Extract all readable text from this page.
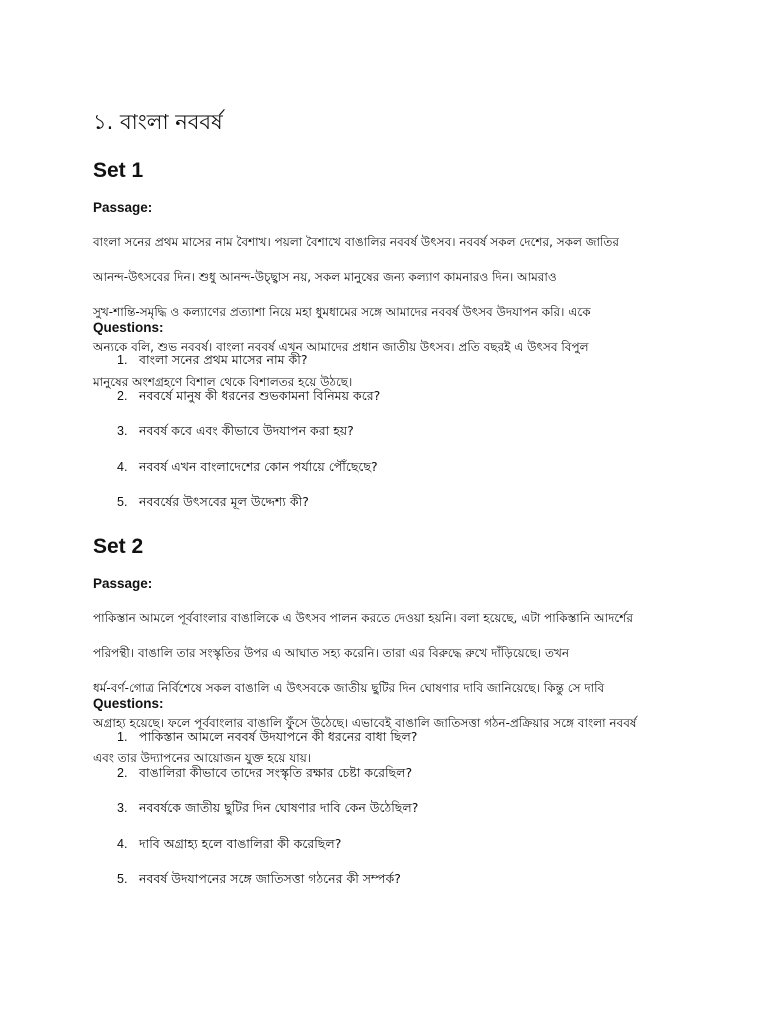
১. বাংলা নববর্ষ
Set 1
Passage:

বাংলা সনের প্রথম মাসের নাম বৈশাখ। পয়লা বৈশাখে বাঙালির নববর্ষ উৎসব। নববর্ষ সকল দেশের, সকল জাতির

আনন্দ-উৎসবের দিন। শুধু আনন্দ-উচ্ছ্বাস নয়, সকল মানুষের জন্য কল্যাণ কামনারও দিন। আমরাও

সুখ-শান্তি-সমৃদ্ধি ও কল্যাণের প্রত্যাশা নিয়ে মহা ধুমধামের সঙ্গে আমাদের নববর্ষ উৎসব উদযাপন করি। একে

অন্যকে বলি, শুভ নববর্ষ। বাংলা নববর্ষ এখন আমাদের প্রধান জাতীয় উৎসব। প্রতি বছরই এ উৎসব বিপুল

মানুষের অংশগ্রহণে বিশাল থেকে বিশালতর হয়ে উঠছে।

Questions:
1. বাংলা সনের প্রথম মাসের নাম কী?
2. নববর্ষে মানুষ কী ধরনের শুভকামনা বিনিময় করে?
3. নববর্ষ কবে এবং কীভাবে উদযাপন করা হয়?
4. নববর্ষ এখন বাংলাদেশের কোন পর্যায়ে পৌঁছেছে?
5. নববর্ষের উৎসবের মূল উদ্দেশ্য কী?
Set 2
Passage:

পাকিস্তান আমলে পূর্ববাংলার বাঙালিকে এ উৎসব পালন করতে দেওয়া হয়নি। বলা হয়েছে, এটা পাকিস্তানি আদর্শের

পরিপন্থী। বাঙালি তার সংস্কৃতির উপর এ আঘাত সহ্য করেনি। তারা এর বিরুদ্ধে রুখে দাঁড়িয়েছে। তখন

ধর্ম-বর্ণ-গোত্র নির্বিশেষে সকল বাঙালি এ উৎসবকে জাতীয় ছুটির দিন ঘোষণার দাবি জানিয়েছে। কিন্তু সে দাবি

অগ্রাহ্য হয়েছে। ফলে পূর্ববাংলার বাঙালি ফুঁসে উঠেছে। এভাবেই বাঙালি জাতিসত্তা গঠন-প্রক্রিয়ার সঙ্গে বাংলা নববর্ষ

এবং তার উদ্যাপনের আয়োজন যুক্ত হয়ে যায়।

Questions:
1. পাকিস্তান আমলে নববর্ষ উদযাপনে কী ধরনের বাধা ছিল?
2. বাঙালিরা কীভাবে তাদের সংস্কৃতি রক্ষার চেষ্টা করেছিল?
3. নববর্ষকে জাতীয় ছুটির দিন ঘোষণার দাবি কেন উঠেছিল?
4. দাবি অগ্রাহ্য হলে বাঙালিরা কী করেছিল?
5. নববর্ষ উদযাপনের সঙ্গে জাতিসত্তা গঠনের কী সম্পর্ক?
